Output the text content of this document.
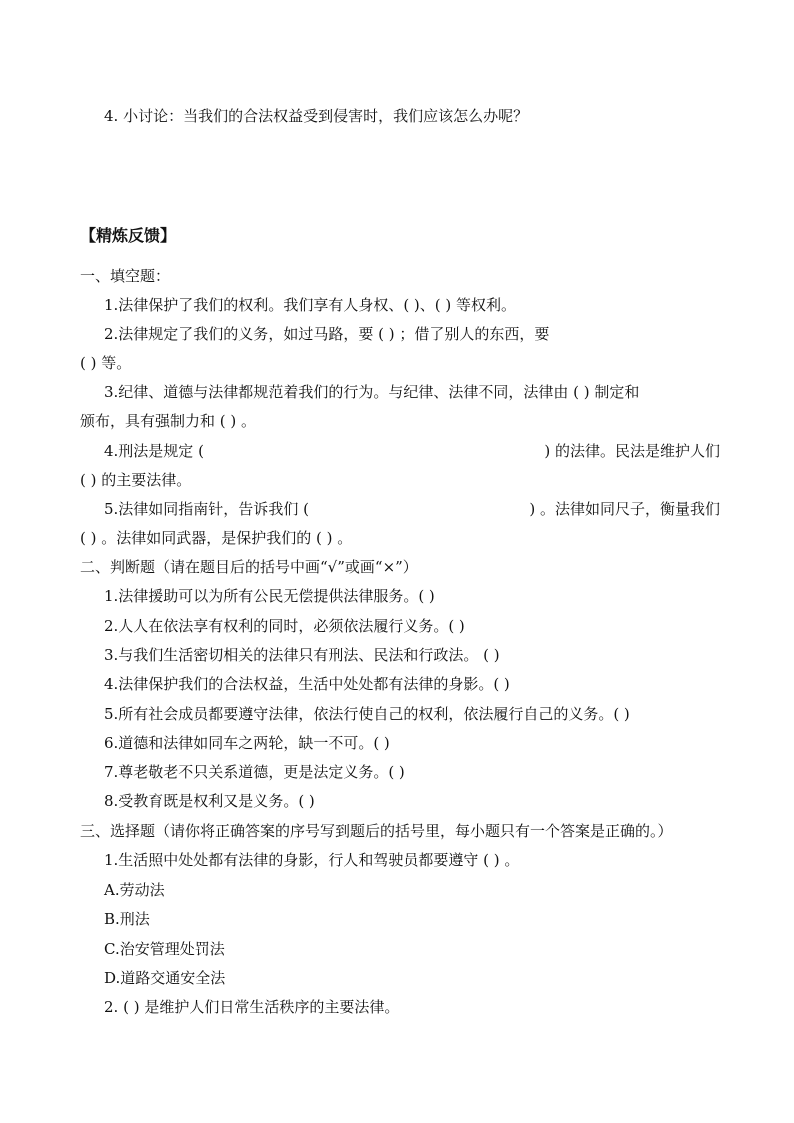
4. 小讨论：当我们的合法权益受到侵害时，我们应该怎么办呢？
【精炼反馈】
一、填空题：
1.法律保护了我们的权利。我们享有人身权、( )、( ) 等权利。
2.法律规定了我们的义务，如过马路，要 ( ) ；借了别人的东西，要
( ) 等。
3.纪律、道德与法律都规范着我们的行为。与纪律、法律不同，法律由 ( ) 制定和
颁布，具有强制力和 ( ) 。
4.刑法是规定 (	) 的法律。民法是维护人们
( ) 的主要法律。
5.法律如同指南针，告诉我们 (	) 。法律如同尺子，衡量我们
( ) 。法律如同武器，是保护我们的 ( ) 。
二、判断题（请在题目后的括号中画“√”或画“×”）
1.法律援助可以为所有公民无偿提供法律服务。( )
2.人人在依法享有权利的同时，必须依法履行义务。( )
3.与我们生活密切相关的法律只有刑法、民法和行政法。 ( )
4.法律保护我们的合法权益，生活中处处都有法律的身影。( )
5.所有社会成员都要遵守法律，依法行使自己的权利，依法履行自己的义务。( )
6.道德和法律如同车之两轮，缺一不可。( )
7.尊老敬老不只关系道德，更是法定义务。( )
8.受教育既是权利又是义务。( )
三、选择题（请你将正确答案的序号写到题后的括号里，每小题只有一个答案是正确的。）
1.生活照中处处都有法律的身影，行人和驾驶员都要遵守 ( ) 。
A.劳动法
B.刑法
C.治安管理处罚法
D.道路交通安全法
2. ( ) 是维护人们日常生活秩序的主要法律。
